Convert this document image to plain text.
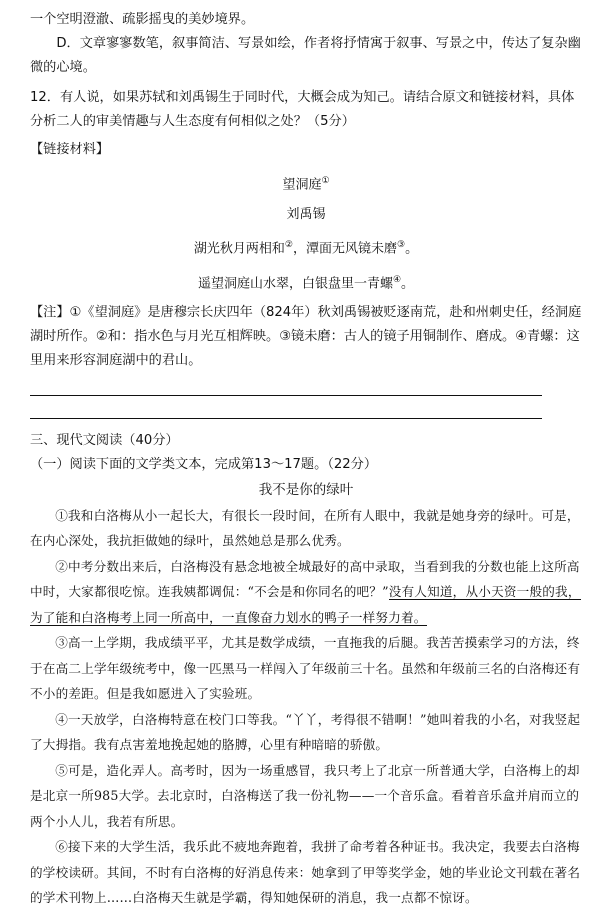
一个空明澄澈、疏影摇曳的美妙境界。

D．文章寥寥数笔，叙事简洁、写景如绘，作者将抒情寓于叙事、写景之中，传达了复杂幽微的心境。

12．有人说，如果苏轼和刘禹锡生于同时代，大概会成为知己。请结合原文和链接材料，具体分析二人的审美情趣与人生态度有何相似之处？（5分）

【链接材料】

望洞庭①

刘禹锡

湖光秋月两相和②，潭面无风镜未磨③。

遥望洞庭山水翠，白银盘里一青螺④。

【注】①《望洞庭》是唐穆宗长庆四年（824年）秋刘禹锡被贬逐南荒，赴和州刺史任，经洞庭湖时所作。②和：指水色与月光互相辉映。③镜未磨：古人的镜子用铜制作、磨成。④青螺：这里用来形容洞庭湖中的君山。

三、现代文阅读（40分）

（一）阅读下面的文学类文本，完成第13～17题。（22分）

我不是你的绿叶

①我和白洛梅从小一起长大，有很长一段时间，在所有人眼中，我就是她身旁的绿叶。可是，在内心深处，我抗拒做她的绿叶，虽然她总是那么优秀。

②中考分数出来后，白洛梅没有悬念地被全城最好的高中录取，当看到我的分数也能上这所高中时，大家都很吃惊。连我姨都调侃：“不会是和你同名的吧？”没有人知道，从小天资一般的我，为了能和白洛梅考上同一所高中，一直像奋力划水的鸭子一样努力着。

③高一上学期，我成绩平平，尤其是数学成绩，一直拖我的后腿。我苦苦摸索学习的方法，终于在高二上学年级统考中，像一匹黑马一样闯入了年级前三十名。虽然和年级前三名的白洛梅还有不小的差距。但是我如愿进入了实验班。

④一天放学，白洛梅特意在校门口等我。“丫丫，考得很不错啊！”她叫着我的小名，对我竖起了大拇指。我有点害羞地挽起她的胳膊，心里有种暗暗的骄傲。

⑤可是，造化弄人。高考时，因为一场重感冒，我只考上了北京一所普通大学，白洛梅上的却是北京一所985大学。去北京时，白洛梅送了我一份礼物——一个音乐盒。看着音乐盒并肩而立的两个小人儿，我若有所思。

⑥接下来的大学生活，我乐此不疲地奔跑着，我拼了命考着各种证书。我决定，我要去白洛梅的学校读研。其间，不时有白洛梅的好消息传来：她拿到了甲等奖学金，她的毕业论文刊载在著名的学术刊物上……白洛梅天生就是学霸，得知她保研的消息，我一点都不惊讶。
